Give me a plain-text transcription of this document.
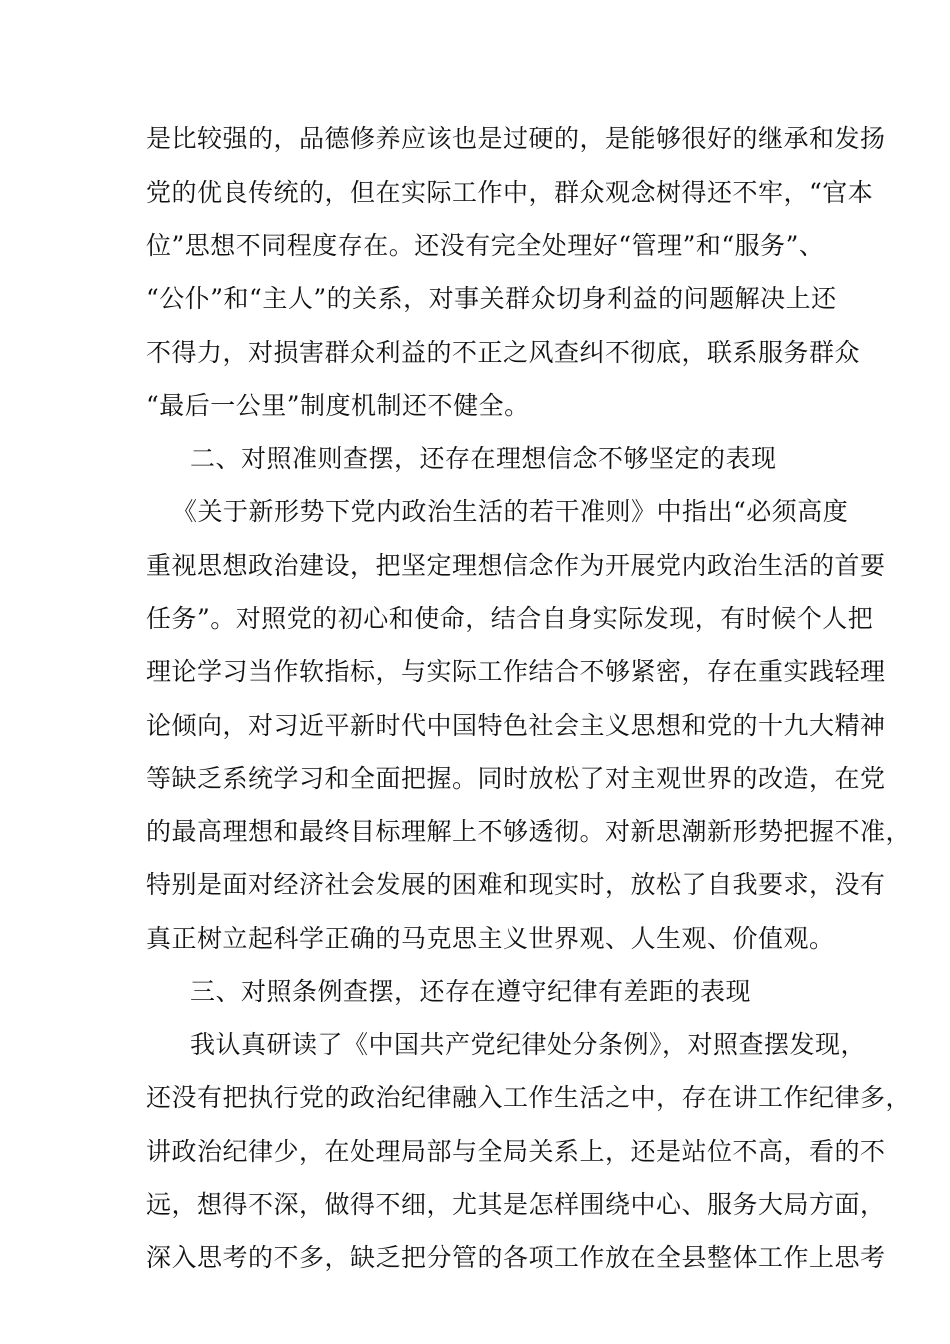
是比较强的，品德修养应该也是过硬的，是能够很好的继承和发扬
党的优良传统的，但在实际工作中，群众观念树得还不牢，“官本
位”思想不同程度存在。还没有完全处理好“管理”和“服务”、
“公仆”和“主人”的关系，对事关群众切身利益的问题解决上还
不得力，对损害群众利益的不正之风查纠不彻底，联系服务群众
“最后一公里”制度机制还不健全。
二、对照准则查摆，还存在理想信念不够坚定的表现
《关于新形势下党内政治生活的若干准则》中指出“必须高度
重视思想政治建设，把坚定理想信念作为开展党内政治生活的首要
任务”。对照党的初心和使命，结合自身实际发现，有时候个人把
理论学习当作软指标，与实际工作结合不够紧密，存在重实践轻理
论倾向，对习近平新时代中国特色社会主义思想和党的十九大精神
等缺乏系统学习和全面把握。同时放松了对主观世界的改造，在党
的最高理想和最终目标理解上不够透彻。对新思潮新形势把握不准，
特别是面对经济社会发展的困难和现实时，放松了自我要求，没有
真正树立起科学正确的马克思主义世界观、人生观、价值观。
三、对照条例查摆，还存在遵守纪律有差距的表现
我认真研读了《中国共产党纪律处分条例》，对照查摆发现，
还没有把执行党的政治纪律融入工作生活之中，存在讲工作纪律多，
讲政治纪律少，在处理局部与全局关系上，还是站位不高，看的不
远，想得不深，做得不细，尤其是怎样围绕中心、服务大局方面，
深入思考的不多，缺乏把分管的各项工作放在全县整体工作上思考
